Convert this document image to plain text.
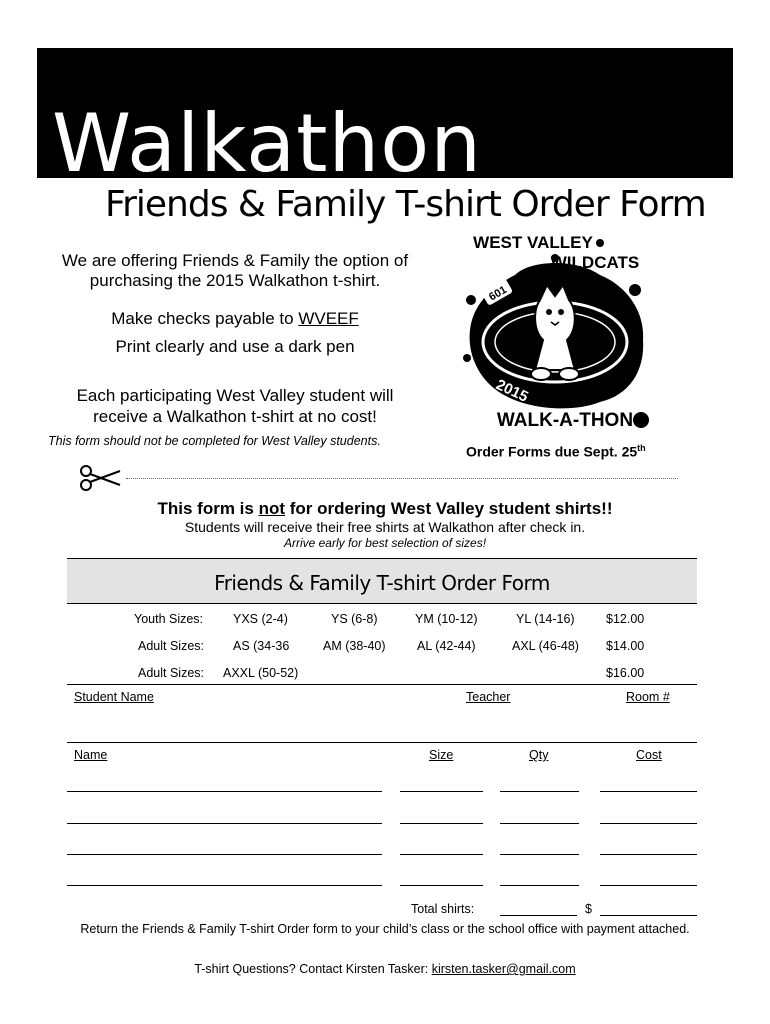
Walkathon
Friends & Family T-shirt Order Form
We are offering Friends & Family the option of
purchasing the 2015 Walkathon t-shirt.
Make checks payable to WVEEF
Print clearly and use a dark pen
Each participating West Valley student will
receive a Walkathon t-shirt at no cost!
This form should not be completed for West Valley students.
601
WEST VALLEY
WILDCATS
2015
WALK-A-THON
Order Forms due Sept. 25th
This form is not for ordering West Valley student shirts!!
Students will receive their free shirts at Walkathon after check in.
Arrive early for best selection of sizes!
Friends & Family T-shirt Order Form
Youth Sizes: YXS (2-4)	YS (6-8)	YM (10-12)	YL (14-16)	$12.00
Adult Sizes: AS (34-36	AM (38-40)	AL (42-44)	AXL (46-48) $14.00
Adult Sizes: AXXL (50-52)	$16.00
Student Name	Teacher	Room #
Name	Size	Qty	Cost
Total shirts:	$
Return the Friends & Family T-shirt Order form to your child’s class or the school office with payment attached.
T-shirt Questions? Contact Kirsten Tasker: kirsten.tasker@gmail.com
